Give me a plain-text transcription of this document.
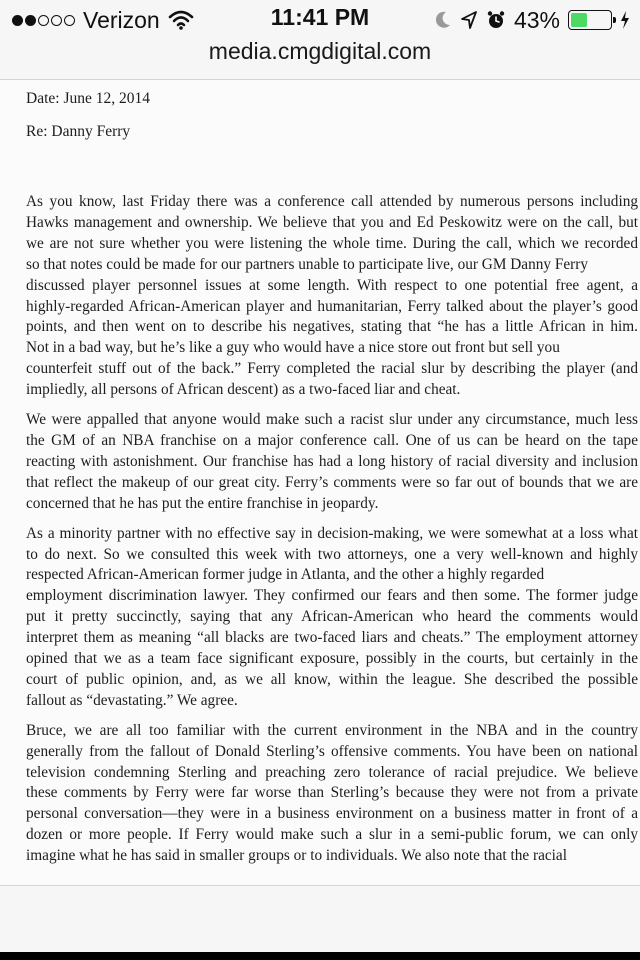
Verizon	11:41 PM	43%
media.cmgdigital.com
Date: June 12, 2014
Re: Danny Ferry
As you know, last Friday there was a conference call attended by numerous persons including
Hawks management and ownership. We believe that you and Ed Peskowitz were on the call, but
we are not sure whether you were listening the whole time. During the call, which we recorded
so that notes could be made for our partners unable to participate live, our GM Danny Ferry
discussed player personnel issues at some length. With respect to one potential free agent, a
highly-regarded African-American player and humanitarian, Ferry talked about the player’s good
points, and then went on to describe his negatives, stating that “he has a little African in him.
Not in a bad way, but he’s like a guy who would have a nice store out front but sell you
counterfeit stuff out of the back.” Ferry completed the racial slur by describing the player (and
impliedly, all persons of African descent) as a two-faced liar and cheat.
We were appalled that anyone would make such a racist slur under any circumstance, much less
the GM of an NBA franchise on a major conference call. One of us can be heard on the tape
reacting with astonishment. Our franchise has had a long history of racial diversity and inclusion
that reflect the makeup of our great city. Ferry’s comments were so far out of bounds that we are
concerned that he has put the entire franchise in jeopardy.
As a minority partner with no effective say in decision-making, we were somewhat at a loss what
to do next. So we consulted this week with two attorneys, one a very well-known and highly
respected African-American former judge in Atlanta, and the other a highly regarded
employment discrimination lawyer. They confirmed our fears and then some. The former judge
put it pretty succinctly, saying that any African-American who heard the comments would
interpret them as meaning “all blacks are two-faced liars and cheats.” The employment attorney
opined that we as a team face significant exposure, possibly in the courts, but certainly in the
court of public opinion, and, as we all know, within the league. She described the possible
fallout as “devastating.” We agree.
Bruce, we are all too familiar with the current environment in the NBA and in the country
generally from the fallout of Donald Sterling’s offensive comments. You have been on national
television condemning Sterling and preaching zero tolerance of racial prejudice. We believe
these comments by Ferry were far worse than Sterling’s because they were not from a private
personal conversation—they were in a business environment on a business matter in front of a
dozen or more people. If Ferry would make such a slur in a semi-public forum, we can only
imagine what he has said in smaller groups or to individuals. We also note that the racial
